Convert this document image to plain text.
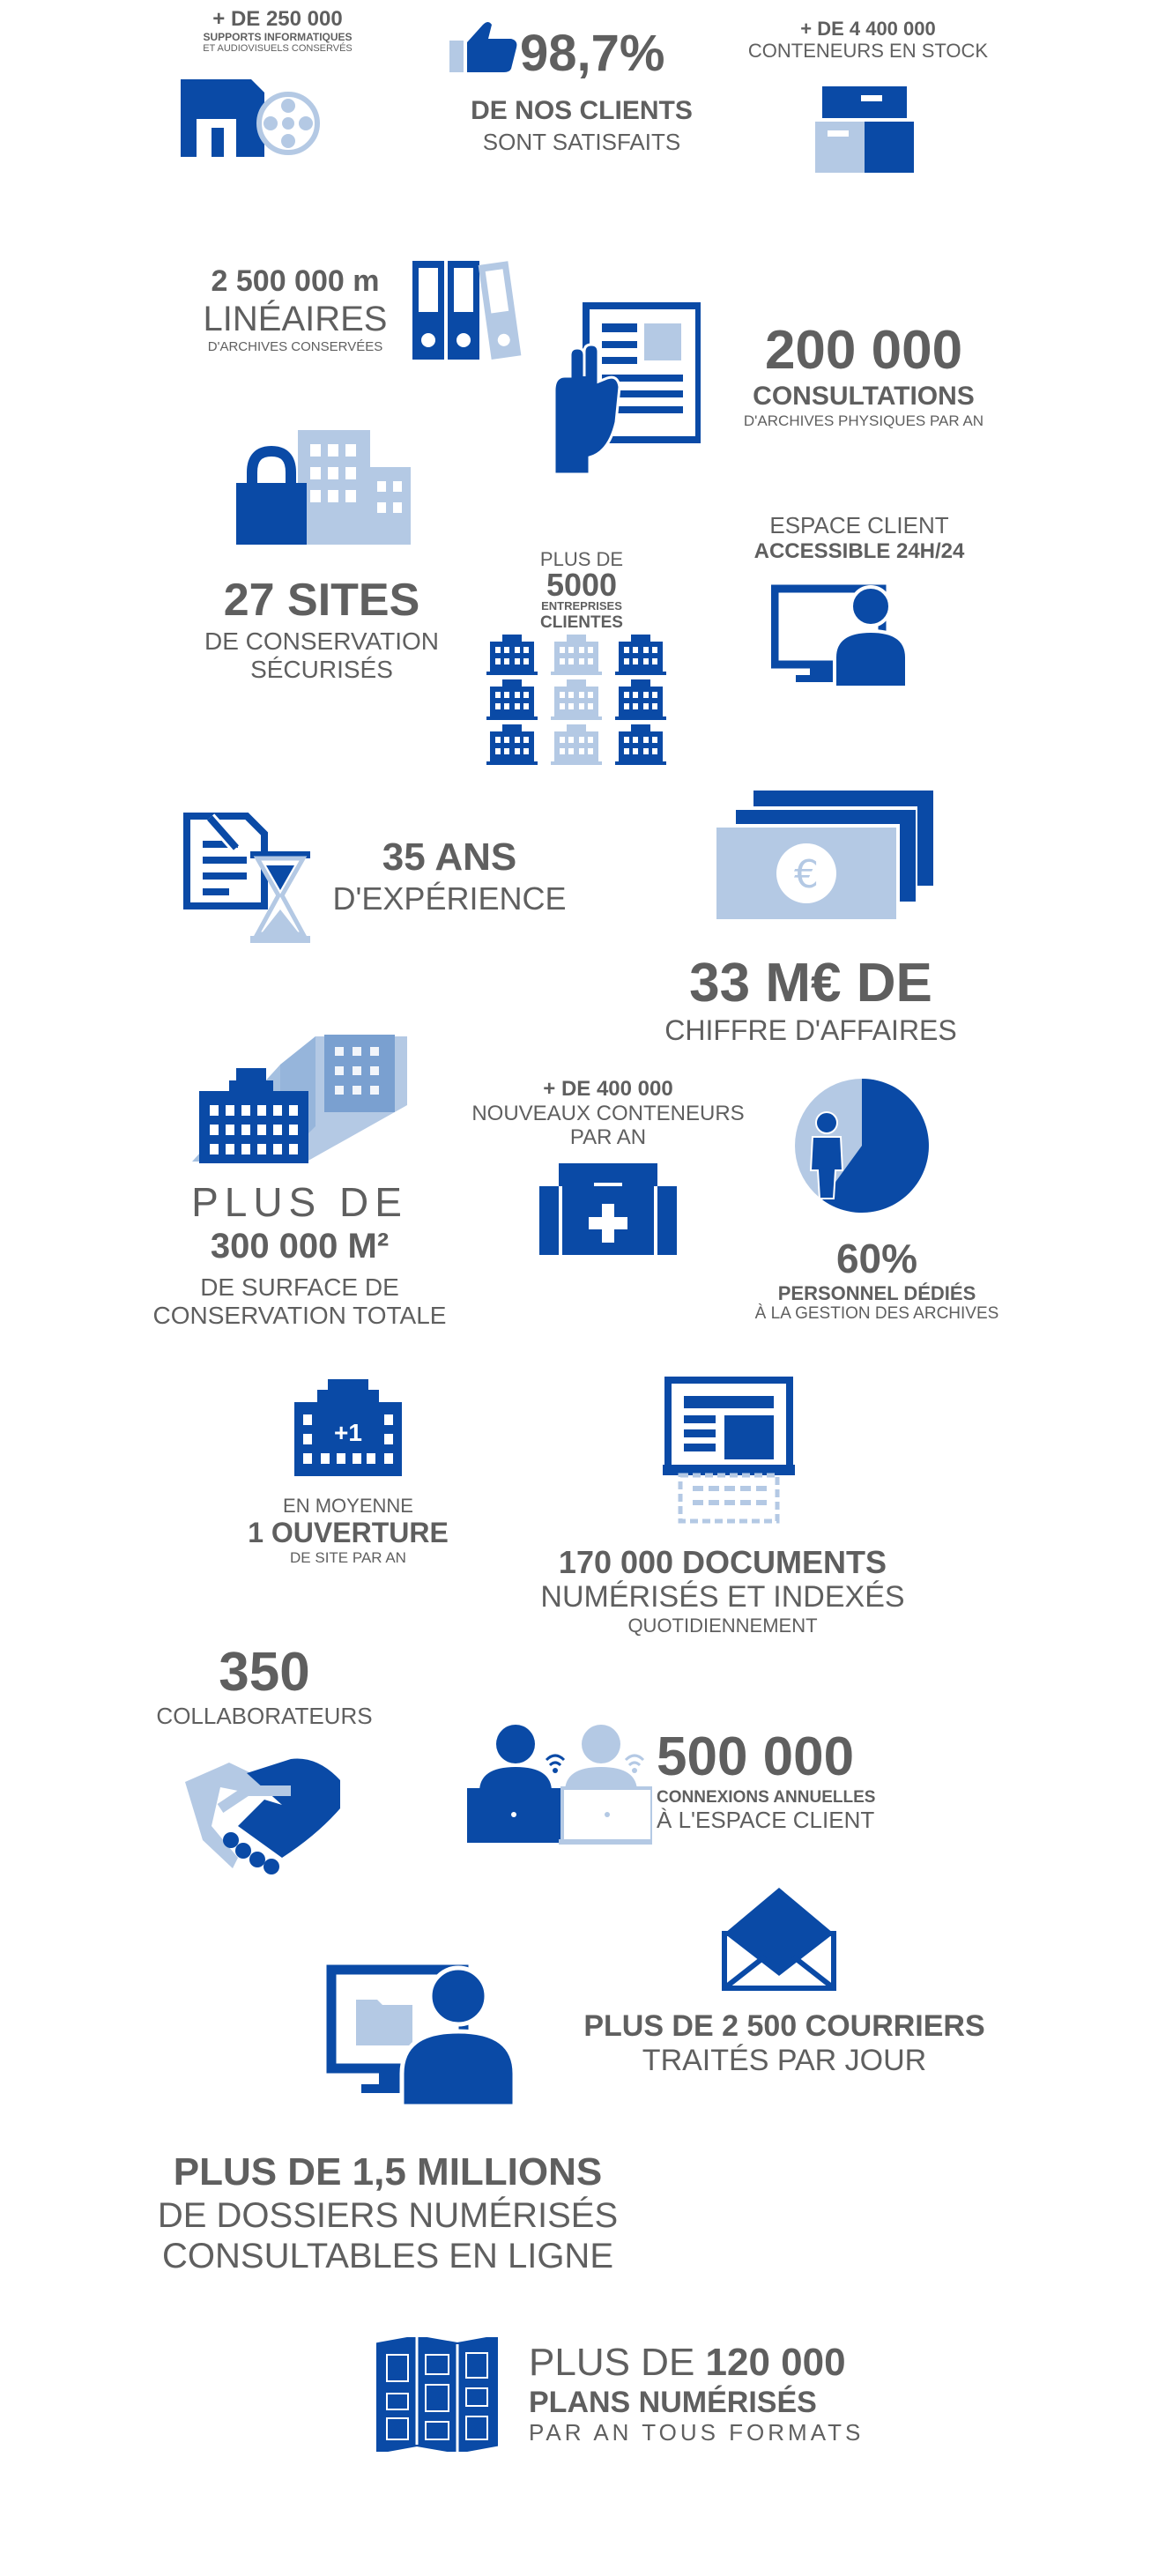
+ DE 250 000
SUPPORTS INFORMATIQUES
ET AUDIOVISUELS CONSERVÉS	98,7%
DE NOS CLIENTS
SONT SATISFAITS
+ DE 4 400 000
CONTENEURS EN STOCK
2 500 000 m
LINÉAIRES
D'ARCHIVES CONSERVÉES	200 000
CONSULTATIONS
D'ARCHIVES PHYSIQUES PAR AN
27 SITES
DE CONSERVATION
SÉCURISÉS
PLUS DE
5000
ENTREPRISES
CLIENTES
ESPACE CLIENT
ACCESSIBLE 24H/24
35 ANS
D'EXPÉRIENCE
€
33 M€ DE
CHIFFRE D'AFFAIRES
PLUS DE
300 000 M²
DE SURFACE DE
CONSERVATION TOTALE
+ DE 400 000
NOUVEAUX CONTENEURS
PAR AN
60%
PERSONNEL DÉDIÉS
À LA GESTION DES ARCHIVES
+1
EN MOYENNE
1 OUVERTURE
DE SITE PAR AN	170 000 DOCUMENTS
NUMÉRISÉS ET INDEXÉS
QUOTIDIENNEMENT
350
COLLABORATEURS
500 000
CONNEXIONS ANNUELLES
À L'ESPACE CLIENT
PLUS DE 2 500 COURRIERS
TRAITÉS PAR JOUR
PLUS DE 1,5 MILLIONS
DE DOSSIERS NUMÉRISÉS
CONSULTABLES EN LIGNE
PLUS DE 120 000
PLANS NUMÉRISÉS
PAR AN TOUS FORMATS
